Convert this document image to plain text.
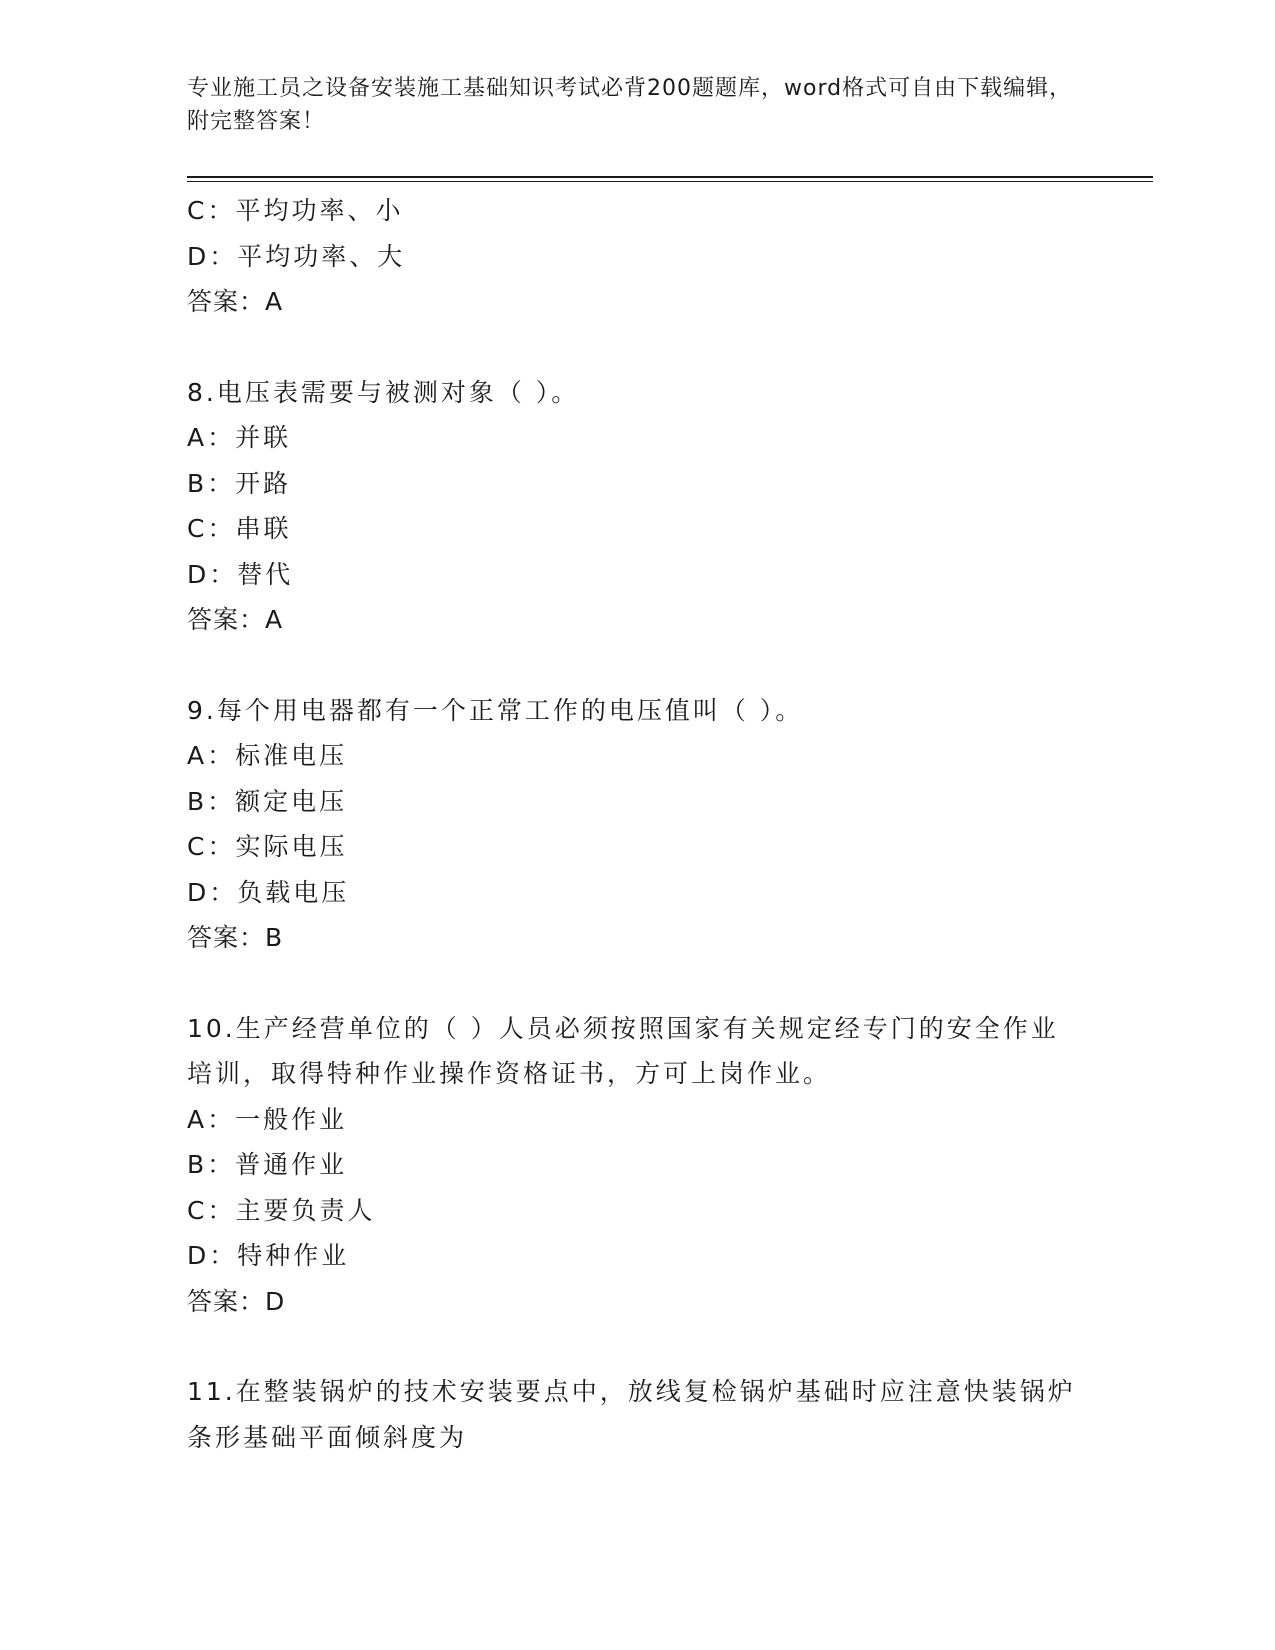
专业施工员之设备安装施工基础知识考试必背200题题库，word格式可自由下载编辑，附完整答案！
C：平均功率、小
D：平均功率、大
答案：A
8.电压表需要与被测对象（ ）。
A：并联
B：开路
C：串联
D：替代
答案：A
9.每个用电器都有一个正常工作的电压值叫（ ）。
A：标准电压
B：额定电压
C：实际电压
D：负载电压
答案：B
10.生产经营单位的（ ）人员必须按照国家有关规定经专门的安全作业培训，取得特种作业操作资格证书，方可上岗作业。
A：一般作业
B：普通作业
C：主要负责人
D：特种作业
答案：D
11.在整装锅炉的技术安装要点中，放线复检锅炉基础时应注意快装锅炉条形基础平面倾斜度为
